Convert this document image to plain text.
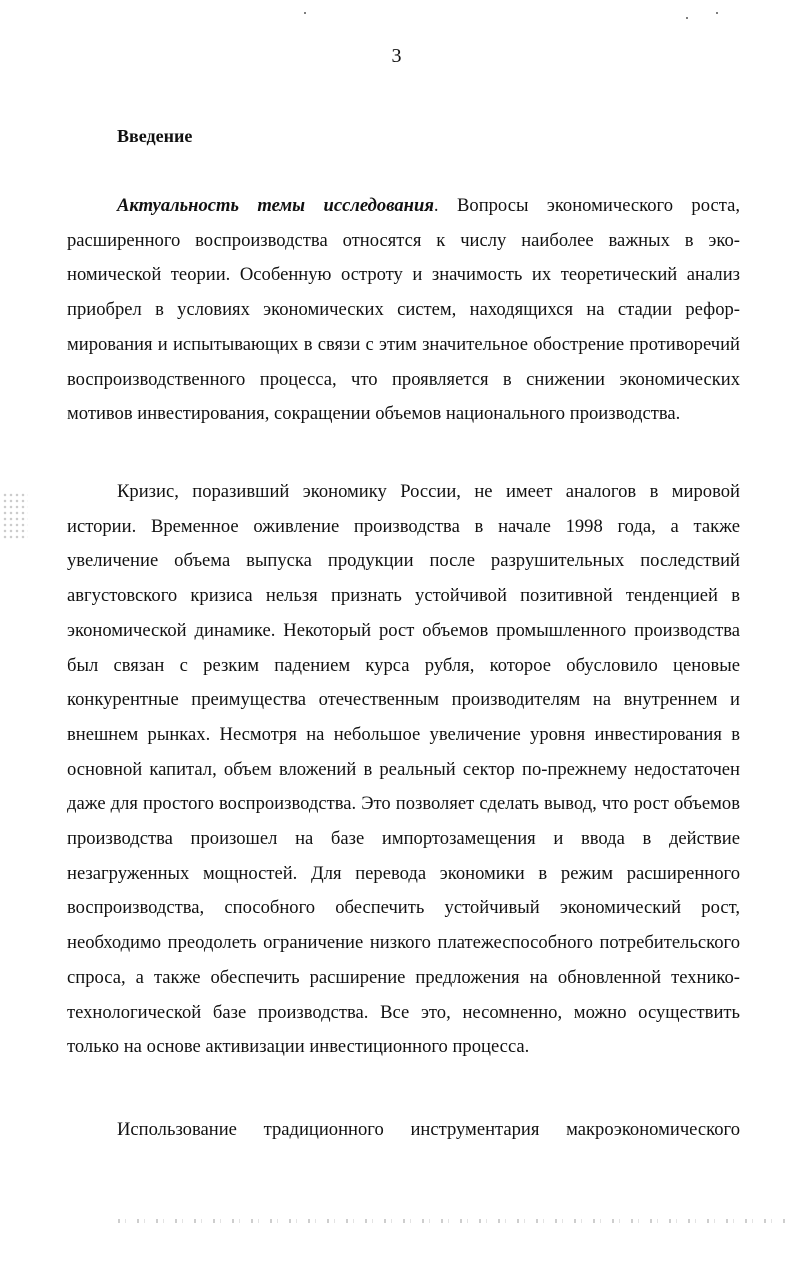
3
Введение

Актуальность темы исследования. Вопросы экономического роста, расширенного воспроизводства относятся к числу наиболее важных в экономической теории. Особенную остроту и значимость их теоретический анализ приобрел в условиях экономических систем, находящихся на стадии реформирования и испытывающих в связи с этим значительное обострение противоречий воспроизводственного процесса, что проявляется в снижении экономических мотивов инвестирования, сокращении объемов национального производства.

Кризис, поразивший экономику России, не имеет аналогов в мировой истории. Временное оживление производства в начале 1998 года, а также увеличение объема выпуска продукции после разрушительных последствий августовского кризиса нельзя признать устойчивой позитивной тенденцией в экономической динамике. Некоторый рост объемов промышленного производства был связан с резким падением курса рубля, которое обусловило ценовые конкурентные преимущества отечественным производителям на внутреннем и внешнем рынках. Несмотря на небольшое увеличение уровня инвестирования в основной капитал, объем вложений в реальный сектор по-прежнему недостаточен даже для простого воспроизводства. Это позволяет сделать вывод, что рост объемов производства произошел на базе импортозамещения и ввода в действие незагруженных мощностей. Для перевода экономики в режим расширенного воспроизводства, способного обеспечить устойчивый экономический рост, необходимо преодолеть ограничение низкого платежеспособного потребительского спроса, а также обеспечить расширение предложения на обновленной технико-технологической базе производства. Все это, несомненно, можно осуществить только на основе активизации инвестиционного процесса.

Использование традиционного инструментария макроэкономического
